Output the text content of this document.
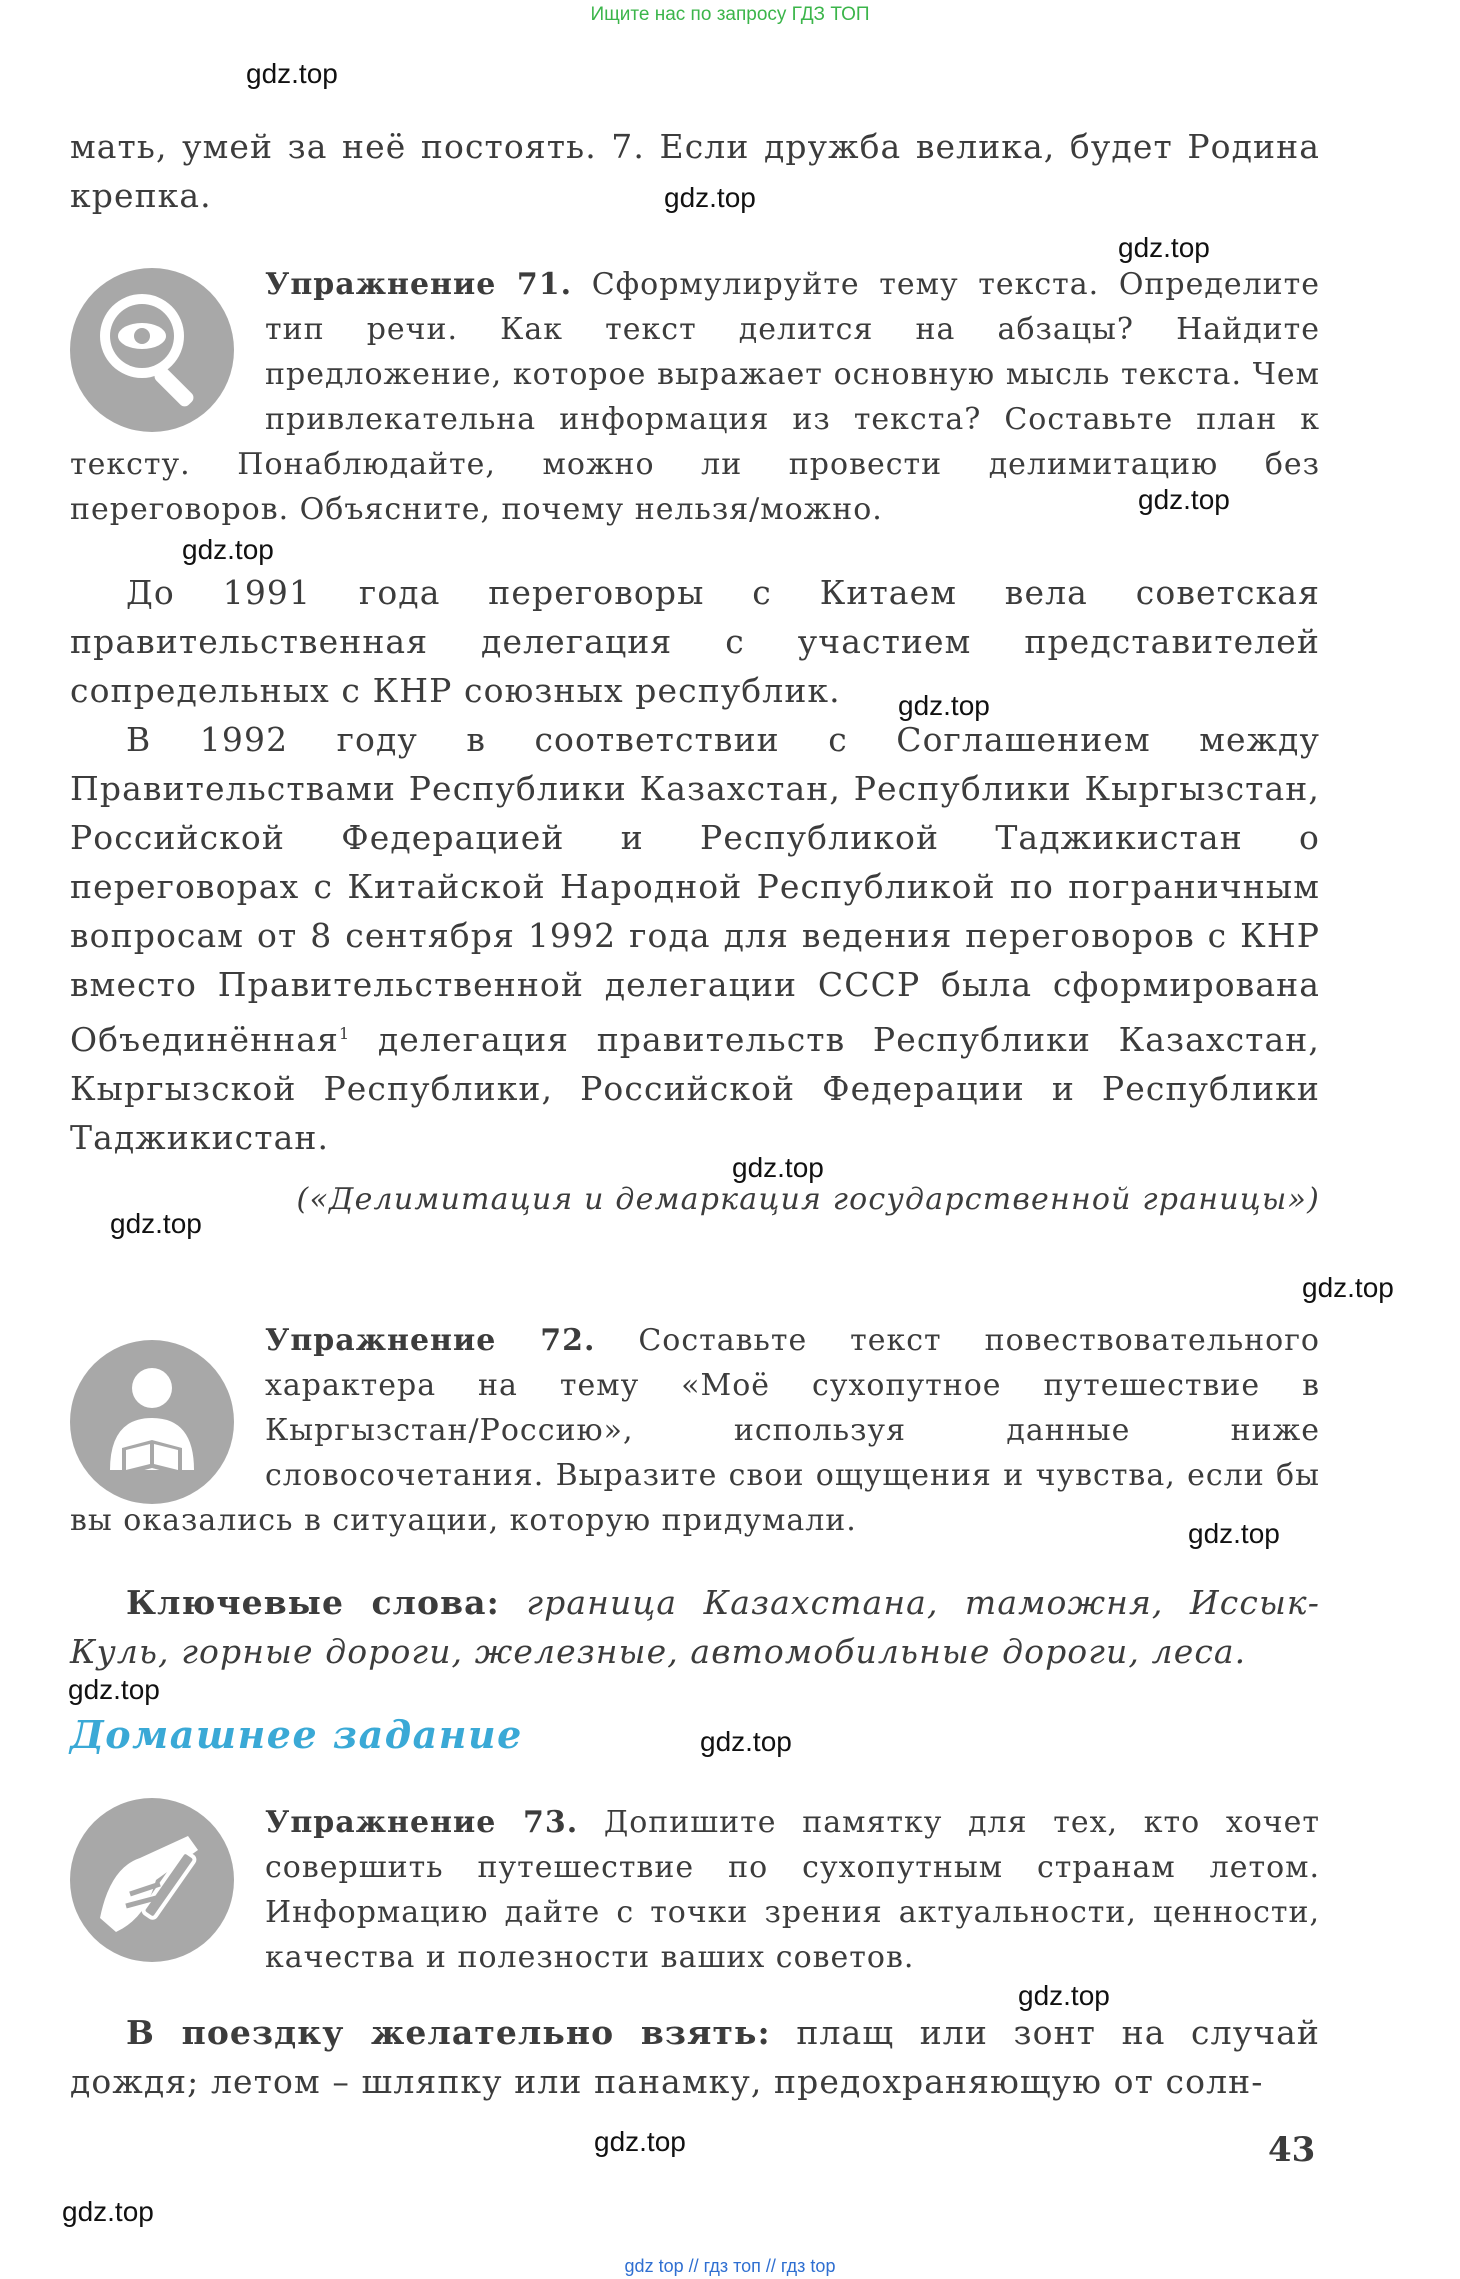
Ищите нас по запросу ГДЗ ТОП

мать, умей за неё постоять. 7. Если дружба велика, будет Родина крепка.

Упражнение 71. Сформулируйте тему текста. Определите тип речи. Как текст делится на абзацы? Найдите предложение, которое выражает основную мысль текста. Чем привлекательна информация из текста? Составьте план к тексту. Понаблюдайте, можно ли провести делимитацию без переговоров. Объясните, почему нельзя/можно.

До 1991 года переговоры с Китаем вела советская правительственная делегация с участием представителей сопредельных с КНР союзных республик.

В 1992 году в соответствии с Соглашением между Правительствами Республики Казахстан, Республики Кыргызстан, Российской Федерацией и Республикой Таджикистан о переговорах с Китайской Народной Республикой по пограничным вопросам от 8 сентября 1992 года для ведения переговоров с КНР вместо Правительственной делегации СССР была сформирована Объединённая$^1$ делегация правительств Республики Казахстан, Кыргызской Республики, Российской Федерации и Республики Таджикистан.

(«Делимитация и демаркация государственной границы»)

Упражнение 72. Составьте текст повествовательного характера на тему «Моё сухопутное путешествие в Кыргызстан/Россию», используя данные ниже словосочетания. Выразите свои ощущения и чувства, если бы вы оказались в ситуации, которую придумали.

Ключевые слова: граница Казахстана, таможня, Иссык-Куль, горные дороги, железные, автомобильные дороги, леса.

Домашнее задание

Упражнение 73. Допишите памятку для тех, кто хочет совершить путешествие по сухопутным странам летом. Информацию дайте с точки зрения актуальности, ценности, качества и полезности ваших советов.

В поездку желательно взять: плащ или зонт на случай дождя; летом – шляпку или панамку, предохраняющую от солн-

43
gdz.top
gdz.top
gdz.top
gdz.top
gdz.top
gdz.top
gdz.top
gdz.top
gdz.top
gdz.top
gdz.top
gdz.top
gdz.top
gdz.top
gdz.top
gdz top // гдз топ // гдз top
